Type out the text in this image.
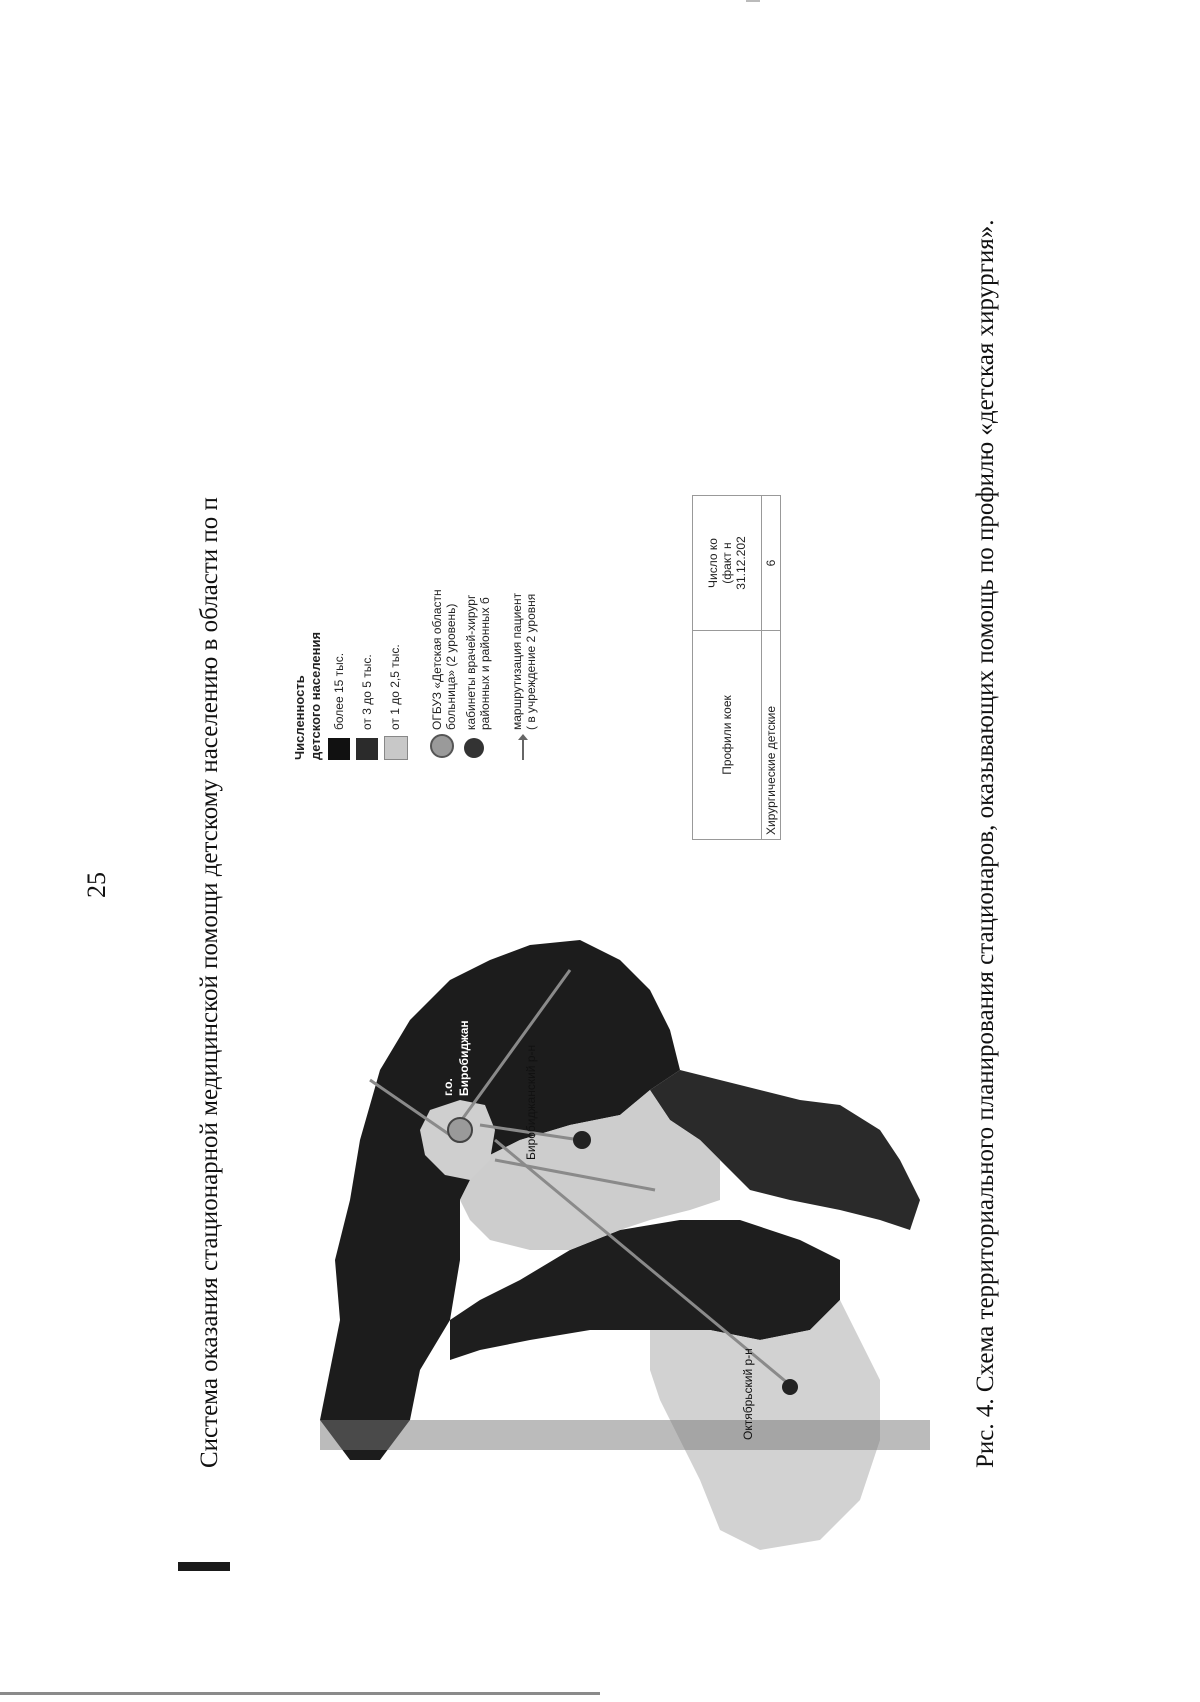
25	Система оказания стационарной медицинской помощи детскому населению в области по п	г.о. Биробиджан	Биробиджанский р-н
Октябрьский р-н
Численность
детского населения более 15 тыс. от 3 до 5 тыс. от 1 до 2,5 тыс. ОГБУЗ «Детская областн
больница» (2 уровень)
кабинеты врачей-хирург
районных и районных б
маршрутизация пациент
( в учреждение 2 уровня
Профили коек	Число ко
(факт н
31.12.202
Хирургические детские	6	Рис. 4. Схема территориального планирования стационаров, оказывающих помощь по профилю «детская хирургия».
